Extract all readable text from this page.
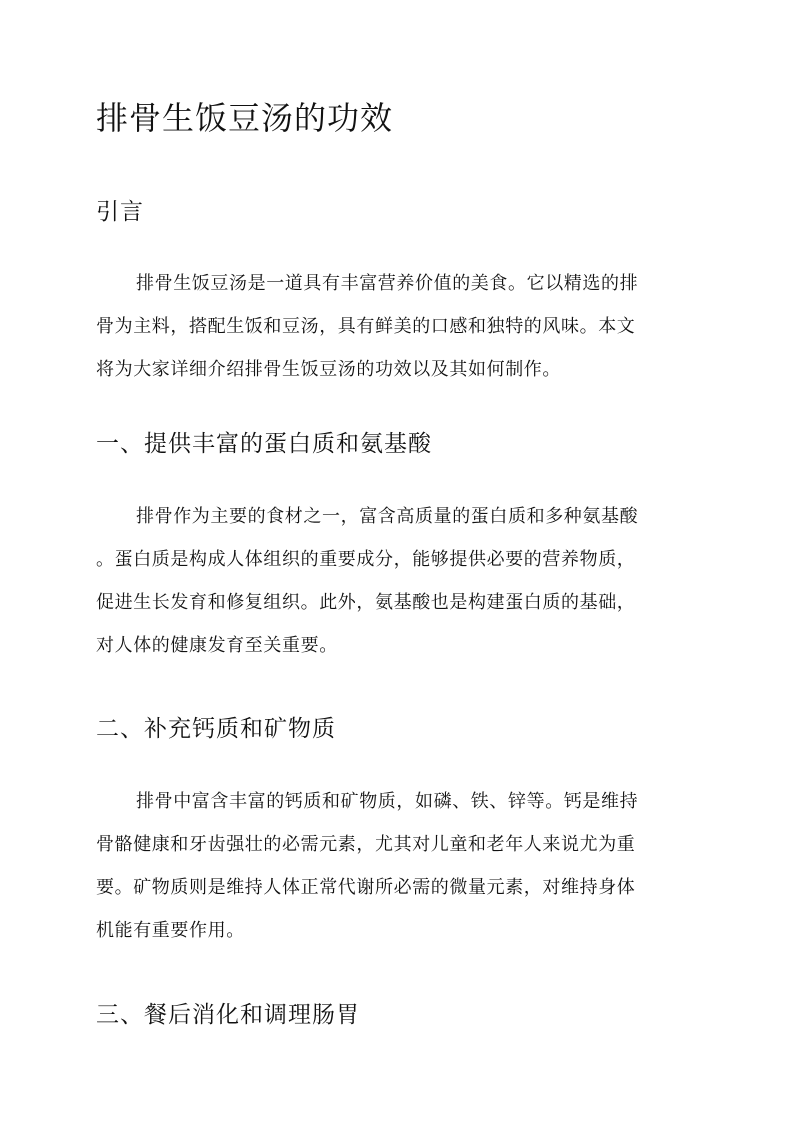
排骨生饭豆汤的功效
引言
排骨生饭豆汤是一道具有丰富营养价值的美食。它以精选的排
骨为主料，搭配生饭和豆汤，具有鲜美的口感和独特的风味。本文
将为大家详细介绍排骨生饭豆汤的功效以及其如何制作。
一、提供丰富的蛋白质和氨基酸
排骨作为主要的食材之一，富含高质量的蛋白质和多种氨基酸
。蛋白质是构成人体组织的重要成分，能够提供必要的营养物质，
促进生长发育和修复组织。此外，氨基酸也是构建蛋白质的基础，
对人体的健康发育至关重要。
二、补充钙质和矿物质
排骨中富含丰富的钙质和矿物质，如磷、铁、锌等。钙是维持
骨骼健康和牙齿强壮的必需元素，尤其对儿童和老年人来说尤为重
要。矿物质则是维持人体正常代谢所必需的微量元素，对维持身体
机能有重要作用。
三、餐后消化和调理肠胃
